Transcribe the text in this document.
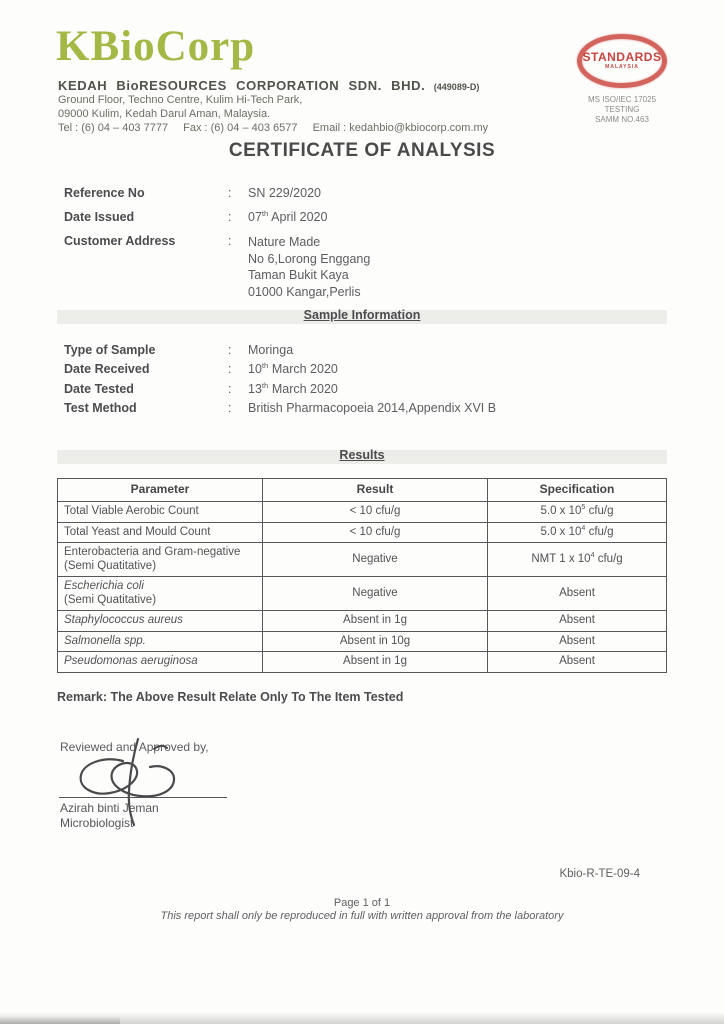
KBioCorp
KEDAH BioRESOURCES CORPORATION SDN. BHD. (449089-D)
Ground Floor, Techno Centre, Kulim Hi-Tech Park,
09000 Kulim, Kedah Darul Aman, Malaysia.
Tel : (6) 04 – 403 7777 Fax : (6) 04 – 403 6577 Email : kedahbio@kbiocorp.com.my
STANDARDS
MALAYSIA
MS ISO/IEC 17025
TESTING
SAMM NO.463
CERTIFICATE OF ANALYSIS
Reference No	:	SN 229/2020
Date Issued	:	07th April 2020
Customer Address	:	Nature Made
No 6,Lorong Enggang
Taman Bukit Kaya
01000 Kangar,Perlis
Sample Information
Type of Sample	:	Moringa
Date Received	:	10th March 2020
Date Tested	:	13th March 2020
Test Method	:	British Pharmacopoeia 2014,Appendix XVI B
Results
Parameter	Result	Specification

Total Viable Aerobic Count	< 10 cfu/g	5.0 x $10^5$ cfu/g

Total Yeast and Mould Count	< 10 cfu/g	5.0 x $10^4$ cfu/g

Enterobacteria and Gram-negative
(Semi Quatitative)	Negative	NMT 1 x $10^4$ cfu/g

Escherichia coli
(Semi Quatitative)	Negative	Absent

Staphylococcus aureus	Absent in 1g	Absent

Salmonella spp.	Absent in 10g	Absent

Pseudomonas aeruginosa	Absent in 1g	Absent
Remark: The Above Result Relate Only To The Item Tested
Reviewed and Approved by,
Azirah binti Jeman
Microbiologist
Kbio-R-TE-09-4
Page 1 of 1
This report shall only be reproduced in full with written approval from the laboratory
